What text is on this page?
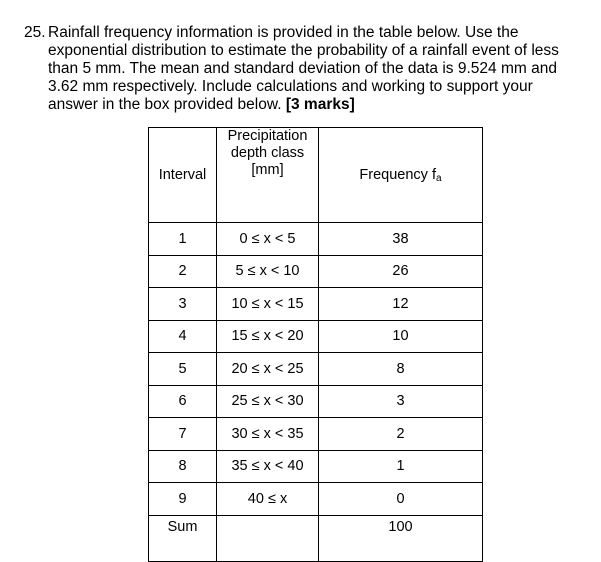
25. Rainfall frequency information is provided in the table below. Use the
exponential distribution to estimate the probability of a rainfall event of less
than 5 mm. The mean and standard deviation of the data is 9.524 mm and
3.62 mm respectively. Include calculations and working to support your
answer in the box provided below. [3 marks]
Interval	Precipitation
depth class
[mm]	Frequency fa
1	0 ≤ x < 5	38
2	5 ≤ x < 10	26
3	10 ≤ x < 15	12
4	15 ≤ x < 20	10
5	20 ≤ x < 25	8
6	25 ≤ x < 30	3
7	30 ≤ x < 35	2
8	35 ≤ x < 40	1
9	40 ≤ x	0
Sum		100
